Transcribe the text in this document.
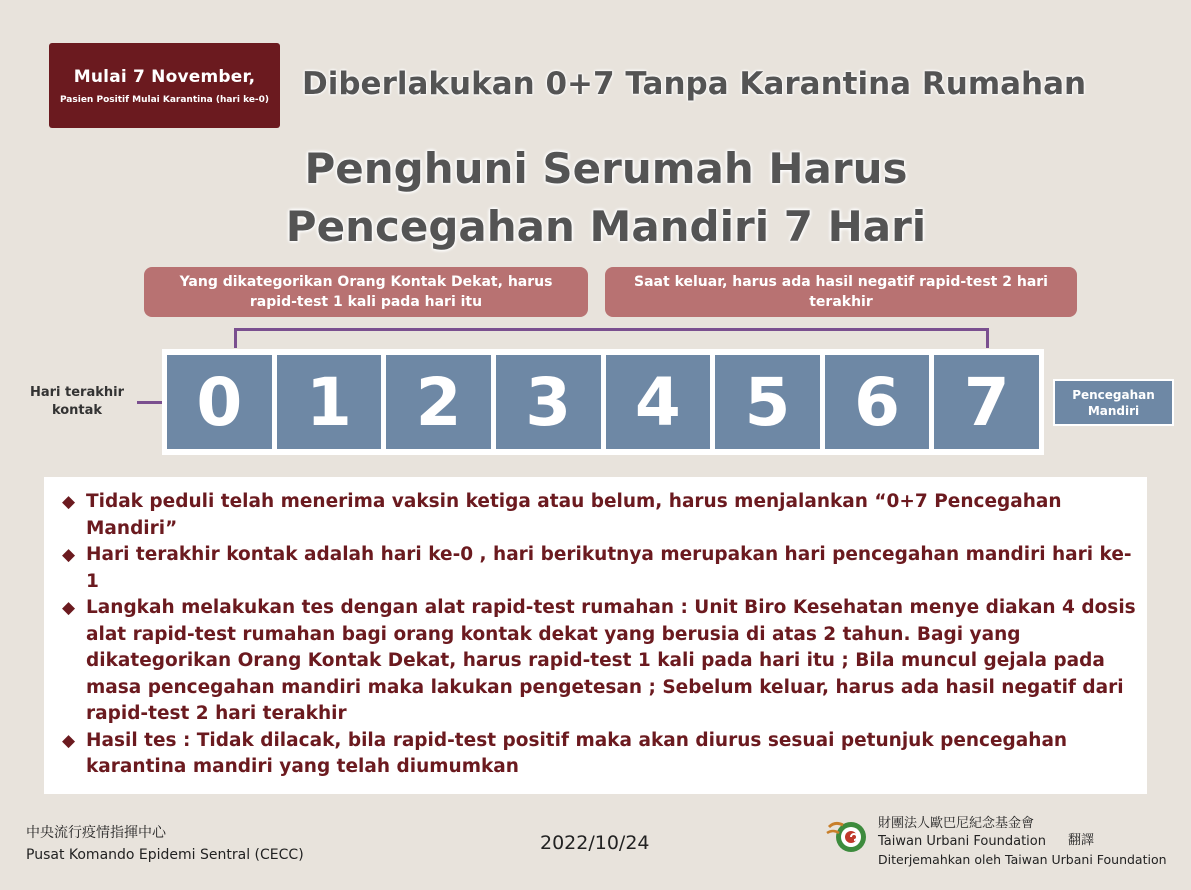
Mulai 7 November,
Pasien Positif Mulai Karantina (hari ke-0) Diberlakukan 0+7 Tanpa Karantina Rumahan
Penghuni Serumah Harus
Pencegahan Mandiri 7 Hari
Yang dikategorikan Orang Kontak Dekat, harus rapid-test 1 kali pada hari itu
Saat keluar, harus ada hasil negatif rapid-test 2 hari terakhir
Hari terakhir kontak	0 1 2 3 4 5 6 7	Pencegahan Mandiri
◆ Tidak peduli telah menerima vaksin ketiga atau belum, harus menjalankan “0+7 Pencegahan Mandiri”
◆ Hari terakhir kontak adalah hari ke-0 , hari berikutnya merupakan hari pencegahan mandiri hari ke-1
◆ Langkah melakukan tes dengan alat rapid-test rumahan : Unit Biro Kesehatan menye diakan 4 dosis alat rapid-test rumahan bagi orang kontak dekat yang berusia di atas 2 tahun. Bagi yang dikategorikan Orang Kontak Dekat, harus rapid-test 1 kali pada hari itu ; Bila muncul gejala pada masa pencegahan mandiri maka lakukan pengetesan ; Sebelum keluar, harus ada hasil negatif dari rapid-test 2 hari terakhir
◆ Hasil tes : Tidak dilacak, bila rapid-test positif maka akan diurus sesuai petunjuk pencegahan karantina mandiri yang telah diumumkan
中央流行疫情指揮中心
Pusat Komando Epidemi Sentral (CECC)
2022/10/24
財團法人歐巴尼紀念基金會
Taiwan Urbani Foundation 翻譯
Diterjemahkan oleh Taiwan Urbani Foundation
